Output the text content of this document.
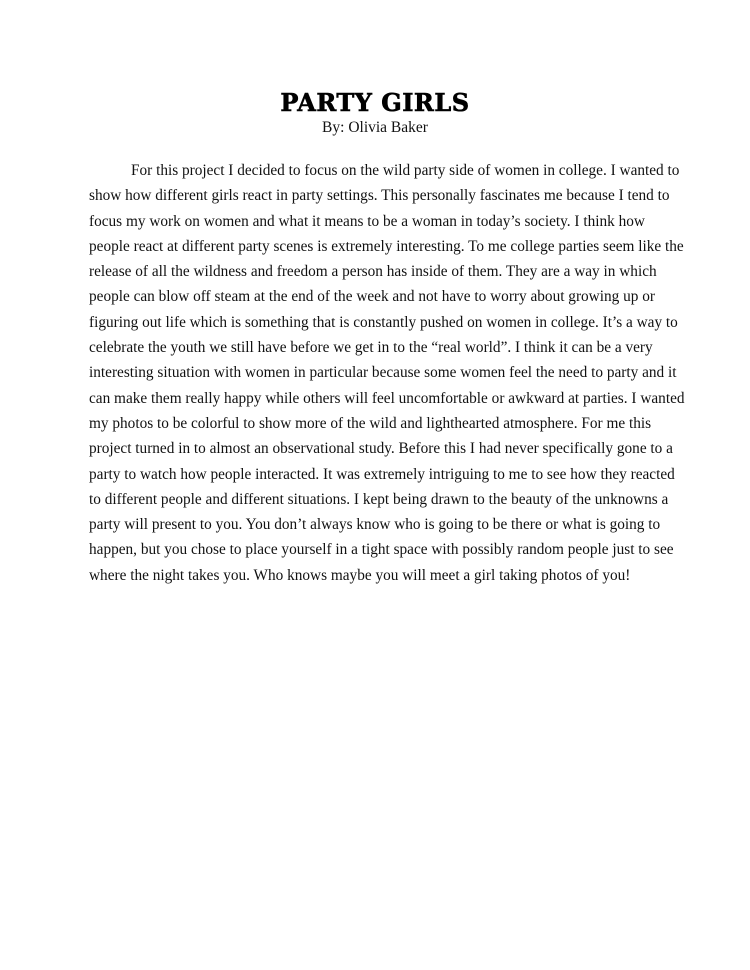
PARTY GIRLS
By: Olivia Baker
For this project I decided to focus on the wild party side of women in college. I wanted to
show how different girls react in party settings. This personally fascinates me because I tend to
focus my work on women and what it means to be a woman in today’s society. I think how
people react at different party scenes is extremely interesting. To me college parties seem like the
release of all the wildness and freedom a person has inside of them. They are a way in which
people can blow off steam at the end of the week and not have to worry about growing up or
figuring out life which is something that is constantly pushed on women in college. It’s a way to
celebrate the youth we still have before we get in to the “real world”. I think it can be a very
interesting situation with women in particular because some women feel the need to party and it
can make them really happy while others will feel uncomfortable or awkward at parties. I wanted
my photos to be colorful to show more of the wild and lighthearted atmosphere. For me this
project turned in to almost an observational study. Before this I had never specifically gone to a
party to watch how people interacted. It was extremely intriguing to me to see how they reacted
to different people and different situations. I kept being drawn to the beauty of the unknowns a
party will present to you. You don’t always know who is going to be there or what is going to
happen, but you chose to place yourself in a tight space with possibly random people just to see
where the night takes you. Who knows maybe you will meet a girl taking photos of you!
